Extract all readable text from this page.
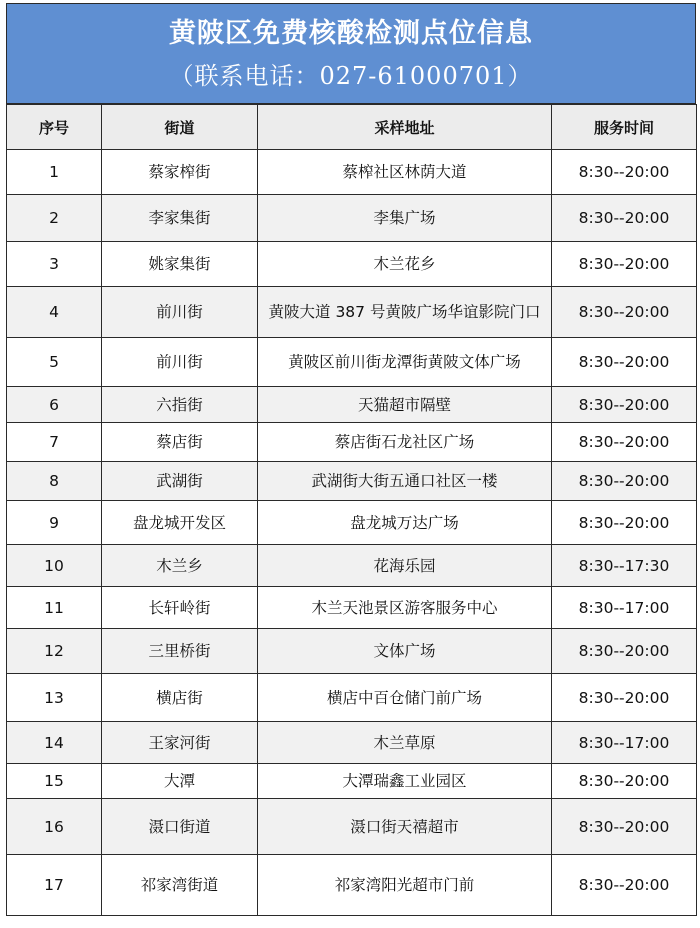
黄陂区免费核酸检测点位信息
（联系电话：027-61000701）
序号	街道	采样地址	服务时间
1	蔡家榨街	蔡榨社区林荫大道	8:30--20:00
2	李家集街	李集广场	8:30--20:00
3	姚家集街	木兰花乡	8:30--20:00
4	前川街	黄陂大道 387 号黄陂广场华谊影院门口	8:30--20:00
5	前川街	黄陂区前川街龙潭街黄陂文体广场	8:30--20:00
6	六指街	天猫超市隔壁	8:30--20:00
7	蔡店街	蔡店街石龙社区广场	8:30--20:00
8	武湖街	武湖街大街五通口社区一楼	8:30--20:00
9	盘龙城开发区	盘龙城万达广场	8:30--20:00
10	木兰乡	花海乐园	8:30--17:30
11	长轩岭街	木兰天池景区游客服务中心	8:30--17:00
12	三里桥街	文体广场	8:30--20:00
13	横店街	横店中百仓储门前广场	8:30--20:00
14	王家河街	木兰草原	8:30--17:00
15	大潭	大潭瑞鑫工业园区	8:30--20:00
16	滠口街道	滠口街天禧超市	8:30--20:00
17	祁家湾街道	祁家湾阳光超市门前	8:30--20:00
